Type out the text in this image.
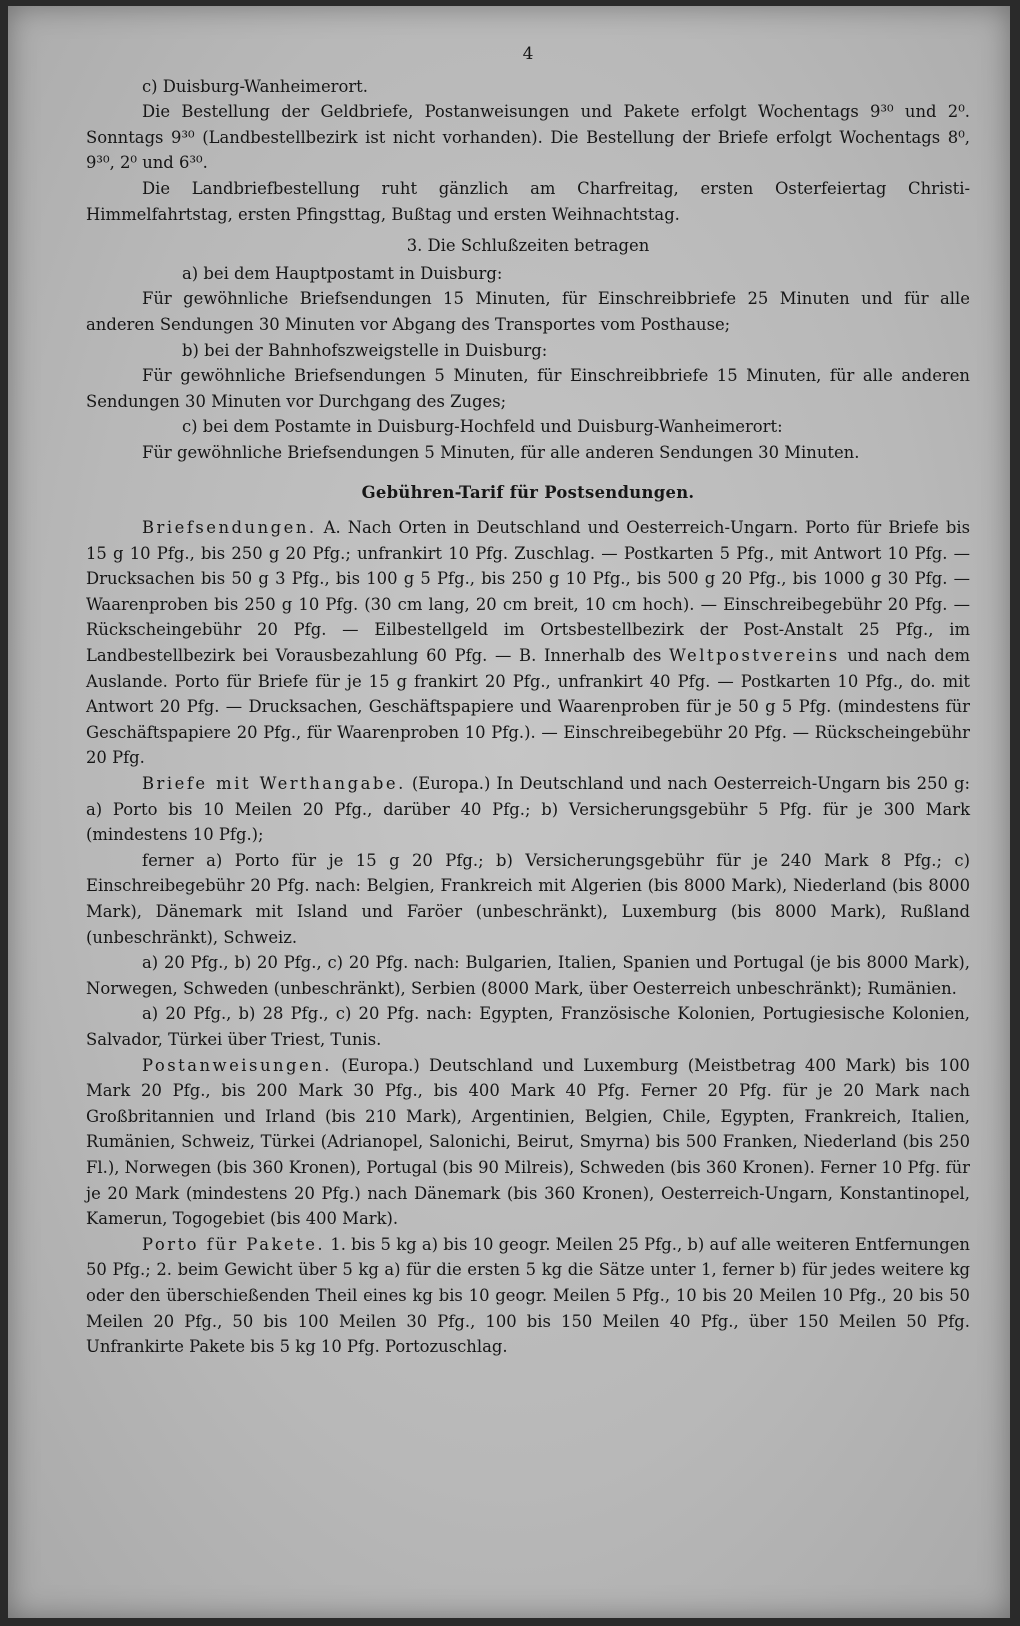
4

c) Duisburg-Wanheimerort.

Die Bestellung der Geldbriefe, Postanweisungen und Pakete erfolgt Wochentags 9³⁰ und 2⁰. Sonntags 9³⁰ (Landbestellbezirk ist nicht vorhanden). Die Bestellung der Briefe erfolgt Wochentags 8⁰, 9³⁰, 2⁰ und 6³⁰.

Die Landbriefbestellung ruht gänzlich am Charfreitag, ersten Osterfeiertag Christi-Himmelfahrtstag, ersten Pfingsttag, Bußtag und ersten Weihnachtstag.

3. Die Schlußzeiten betragen

a) bei dem Hauptpostamt in Duisburg:

Für gewöhnliche Briefsendungen 15 Minuten, für Einschreibbriefe 25 Minuten und für alle anderen Sendungen 30 Minuten vor Abgang des Transportes vom Posthause;

b) bei der Bahnhofszweigstelle in Duisburg:

Für gewöhnliche Briefsendungen 5 Minuten, für Einschreibbriefe 15 Minuten, für alle anderen Sendungen 30 Minuten vor Durchgang des Zuges;

c) bei dem Postamte in Duisburg-Hochfeld und Duisburg-Wanheimerort:

Für gewöhnliche Briefsendungen 5 Minuten, für alle anderen Sendungen 30 Minuten.

Gebühren-Tarif für Postsendungen.

Briefsendungen. A. Nach Orten in Deutschland und Oesterreich-Ungarn. Porto für Briefe bis 15 g 10 Pfg., bis 250 g 20 Pfg.; unfrankirt 10 Pfg. Zuschlag. — Postkarten 5 Pfg., mit Antwort 10 Pfg. — Drucksachen bis 50 g 3 Pfg., bis 100 g 5 Pfg., bis 250 g 10 Pfg., bis 500 g 20 Pfg., bis 1000 g 30 Pfg. — Waarenproben bis 250 g 10 Pfg. (30 cm lang, 20 cm breit, 10 cm hoch). — Einschreibegebühr 20 Pfg. — Rückscheingebühr 20 Pfg. — Eilbestellgeld im Ortsbestellbezirk der Post-Anstalt 25 Pfg., im Landbestellbezirk bei Vorausbezahlung 60 Pfg. — B. Innerhalb des Weltpostvereins und nach dem Auslande. Porto für Briefe für je 15 g frankirt 20 Pfg., unfrankirt 40 Pfg. — Postkarten 10 Pfg., do. mit Antwort 20 Pfg. — Drucksachen, Geschäftspapiere und Waarenproben für je 50 g 5 Pfg. (mindestens für Geschäftspapiere 20 Pfg., für Waarenproben 10 Pfg.). — Einschreibegebühr 20 Pfg. — Rückscheingebühr 20 Pfg.

Briefe mit Werthangabe. (Europa.) In Deutschland und nach Oesterreich-Ungarn bis 250 g: a) Porto bis 10 Meilen 20 Pfg., darüber 40 Pfg.; b) Versicherungsgebühr 5 Pfg. für je 300 Mark (mindestens 10 Pfg.);

ferner a) Porto für je 15 g 20 Pfg.; b) Versicherungsgebühr für je 240 Mark 8 Pfg.; c) Einschreibegebühr 20 Pfg. nach: Belgien, Frankreich mit Algerien (bis 8000 Mark), Niederland (bis 8000 Mark), Dänemark mit Island und Faröer (unbeschränkt), Luxemburg (bis 8000 Mark), Rußland (unbeschränkt), Schweiz.

a) 20 Pfg., b) 20 Pfg., c) 20 Pfg. nach: Bulgarien, Italien, Spanien und Portugal (je bis 8000 Mark), Norwegen, Schweden (unbeschränkt), Serbien (8000 Mark, über Oesterreich unbeschränkt); Rumänien.

a) 20 Pfg., b) 28 Pfg., c) 20 Pfg. nach: Egypten, Französische Kolonien, Portugiesische Kolonien, Salvador, Türkei über Triest, Tunis.

Postanweisungen. (Europa.) Deutschland und Luxemburg (Meistbetrag 400 Mark) bis 100 Mark 20 Pfg., bis 200 Mark 30 Pfg., bis 400 Mark 40 Pfg. Ferner 20 Pfg. für je 20 Mark nach Großbritannien und Irland (bis 210 Mark), Argentinien, Belgien, Chile, Egypten, Frankreich, Italien, Rumänien, Schweiz, Türkei (Adrianopel, Salonichi, Beirut, Smyrna) bis 500 Franken, Niederland (bis 250 Fl.), Norwegen (bis 360 Kronen), Portugal (bis 90 Milreis), Schweden (bis 360 Kronen). Ferner 10 Pfg. für je 20 Mark (mindestens 20 Pfg.) nach Dänemark (bis 360 Kronen), Oesterreich-Ungarn, Konstantinopel, Kamerun, Togogebiet (bis 400 Mark).

Porto für Pakete. 1. bis 5 kg a) bis 10 geogr. Meilen 25 Pfg., b) auf alle weiteren Entfernungen 50 Pfg.; 2. beim Gewicht über 5 kg a) für die ersten 5 kg die Sätze unter 1, ferner b) für jedes weitere kg oder den überschießenden Theil eines kg bis 10 geogr. Meilen 5 Pfg., 10 bis 20 Meilen 10 Pfg., 20 bis 50 Meilen 20 Pfg., 50 bis 100 Meilen 30 Pfg., 100 bis 150 Meilen 40 Pfg., über 150 Meilen 50 Pfg. Unfrankirte Pakete bis 5 kg 10 Pfg. Portozuschlag.
